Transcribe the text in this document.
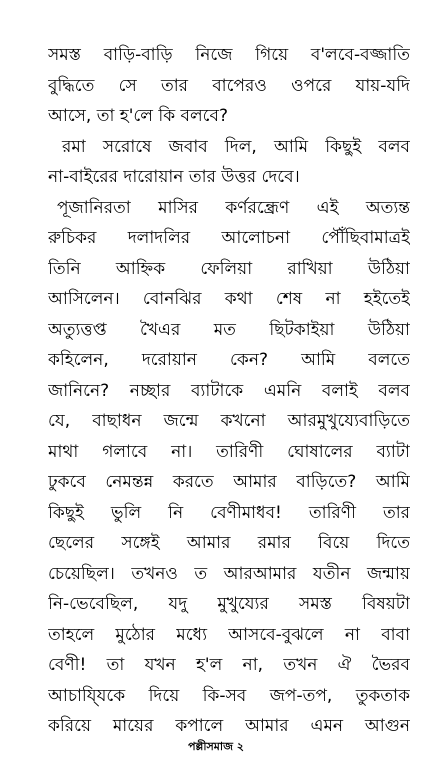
সমস্ত বাড়ি-বাড়ি নিজে গিয়ে ব'লবে-বজ্জাতি
বুদ্ধিতে সে তার বাপেরও ওপরে যায়-যদি
আসে, তা হ'লে কি বলবে?
রমা সরোষে জবাব দিল, আমি কিছুই বলব
না-বাইরের দারোয়ান তার উত্তর দেবে।
পূজানিরতা মাসির কর্ণরন্ধ্রেণ এই অত্যন্ত
রুচিকর দলাদলির আলোচনা পৌঁছিবামাত্রই
তিনি আহ্নিক ফেলিয়া রাখিয়া উঠিয়া
আসিলেন। বোনঝির কথা শেষ না হইতেই
অত্যুত্তপ্ত খৈএর মত ছিটকাইয়া উঠিয়া
কহিলেন, দরোয়ান কেন? আমি বলতে
জানিনে? নচ্ছার ব্যাটাকে এমনি বলাই বলব
যে, বাছাধন জন্মে কখনো আরমুখুয্যেবাড়িতে
মাথা গলাবে না। তারিণী ঘোষালের ব্যাটা
ঢুকবে নেমন্তন্ন করতে আমার বাড়িতে? আমি
কিছুই ভুলি নি বেণীমাধব! তারিণী তার
ছেলের সঙ্গেই আমার রমার বিয়ে দিতে
চেয়েছিল। তখনও ত আরআমার যতীন জন্মায়
নি-ভেবেছিল, যদু মুখুয্যের সমস্ত বিষয়টা
তাহলে মুঠোর মধ্যে আসবে-বুঝলে না বাবা
বেণী! তা যখন হ'ল না, তখন ঐ ভৈরব
আচাযি্যকে দিয়ে কি-সব জপ-তপ, তুকতাক
করিয়ে মায়ের কপালে আমার এমন আগুন
পল্লীসমাজ ২
